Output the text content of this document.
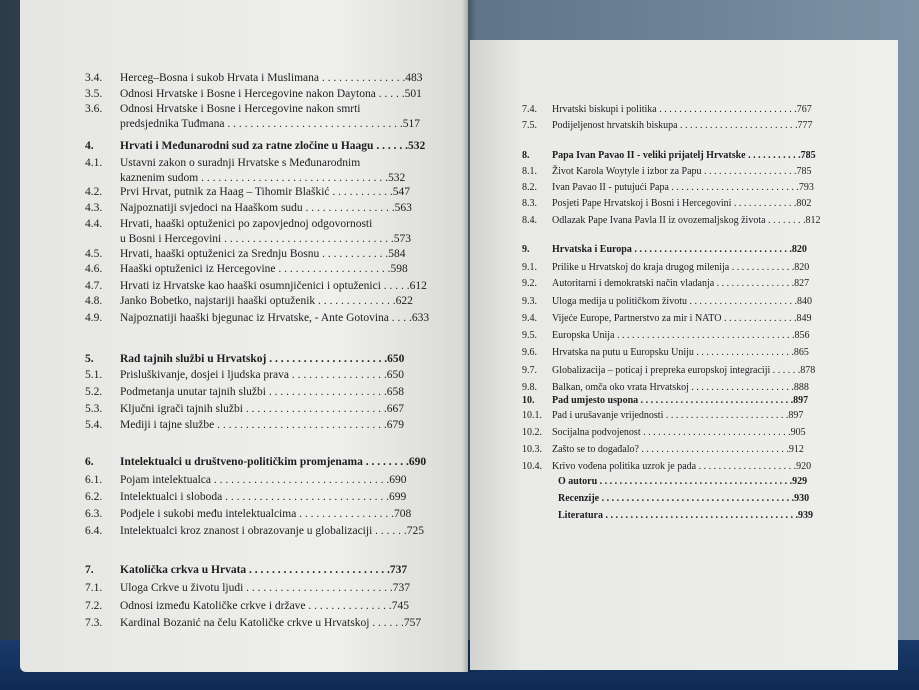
3.4. Herceg–Bosna i sukob Hrvata i Muslimana . . . . . . . . . . . . . . .483
3.5. Odnosi Hrvatske i Bosne i Hercegovine nakon Daytona . . . . .501
3.6. Odnosi Hrvatske i Bosne i Hercegovine nakon smrti
predsjednika Tuđmana . . . . . . . . . . . . . . . . . . . . . . . . . . . . . . .517
4. Hrvati i Međunarodni sud za ratne zločine u Haagu . . . . . .532
4.1. Ustavni zakon o suradnji Hrvatske s Međunarodnim
kaznenim sudom . . . . . . . . . . . . . . . . . . . . . . . . . . . . . . . . .532
4.2. Prvi Hrvat, putnik za Haag – Tihomir Blaškić . . . . . . . . . . .547
4.3. Najpoznatiji svjedoci na Haaškom sudu . . . . . . . . . . . . . . . .563
4.4. Hrvati, haaški optuženici po zapovjednoj odgovornosti
u Bosni i Hercegovini . . . . . . . . . . . . . . . . . . . . . . . . . . . . . .573
4.5. Hrvati, haaški optuženici za Srednju Bosnu . . . . . . . . . . . .584
4.6. Haaški optuženici iz Hercegovine . . . . . . . . . . . . . . . . . . . .598
4.7. Hrvati iz Hrvatske kao haaški osumnjičenici i optuženici . . . . .612
4.8. Janko Bobetko, najstariji haaški optuženik . . . . . . . . . . . . . .622
4.9. Najpoznatiji haaški bjegunac iz Hrvatske, - Ante Gotovina . . . .633
5. Rad tajnih službi u Hrvatskoj . . . . . . . . . . . . . . . . . . . . .650
5.1. Prisluškivanje, dosjei i ljudska prava . . . . . . . . . . . . . . . . .650
5.2. Podmetanja unutar tajnih službi . . . . . . . . . . . . . . . . . . . . .658
5.3. Ključni igrači tajnih službi . . . . . . . . . . . . . . . . . . . . . . . . .667
5.4. Mediji i tajne službe . . . . . . . . . . . . . . . . . . . . . . . . . . . . . .679
6. Intelektualci u društveno-političkim promjenama . . . . . . . .690
6.1. Pojam intelektualca . . . . . . . . . . . . . . . . . . . . . . . . . . . . . . .690
6.2. Intelektualci i sloboda . . . . . . . . . . . . . . . . . . . . . . . . . . . . .699
6.3. Podjele i sukobi među intelektualcima . . . . . . . . . . . . . . . . .708
6.4. Intelektualci kroz znanost i obrazovanje u globalizaciji . . . . . .725
7. Katolička crkva u Hrvata . . . . . . . . . . . . . . . . . . . . . . . . .737
7.1. Uloga Crkve u životu ljudi . . . . . . . . . . . . . . . . . . . . . . . . . .737
7.2. Odnosi između Katoličke crkve i države . . . . . . . . . . . . . . .745
7.3. Kardinal Bozanić na čelu Katoličke crkve u Hrvatskoj . . . . . .757
7.4. Hrvatski biskupi i politika . . . . . . . . . . . . . . . . . . . . . . . . . . . .767
7.5. Podijeljenost hrvatskih biskupa . . . . . . . . . . . . . . . . . . . . . . . .777
8. Papa Ivan Pavao II - veliki prijatelj Hrvatske . . . . . . . . . . .785
8.1. Život Karola Woytyle i izbor za Papu . . . . . . . . . . . . . . . . . . .785
8.2. Ivan Pavao II - putujući Papa . . . . . . . . . . . . . . . . . . . . . . . . . .793
8.3. Posjeti Pape Hrvatskoj i Bosni i Hercegovini . . . . . . . . . . . . .802
8.4. Odlazak Pape Ivana Pavla II iz ovozemaljskog života . . . . . . . .812
9. Hrvatska i Europa . . . . . . . . . . . . . . . . . . . . . . . . . . . . . . . .820
9.1. Prilike u Hrvatskoj do kraja drugog milenija . . . . . . . . . . . . .820
9.2. Autoritarni i demokratski način vladanja . . . . . . . . . . . . . . . .827
9.3. Uloga medija u političkom životu . . . . . . . . . . . . . . . . . . . . . .840
9.4. Vijeće Europe, Partnerstvo za mir i NATO . . . . . . . . . . . . . . .849
9.5. Europska Unija . . . . . . . . . . . . . . . . . . . . . . . . . . . . . . . . . . . .856
9.6. Hrvatska na putu u Europsku Uniju . . . . . . . . . . . . . . . . . . . .865
9.7. Globalizacija – poticaj i prepreka europskoj integraciji . . . . . .878
9.8. Balkan, omča oko vrata Hrvatskoj . . . . . . . . . . . . . . . . . . . . .888
10. Pad umjesto uspona . . . . . . . . . . . . . . . . . . . . . . . . . . . . . . .897
10.1. Pad i urušavanje vrijednosti . . . . . . . . . . . . . . . . . . . . . . . . .897
10.2. Socijalna podvojenost . . . . . . . . . . . . . . . . . . . . . . . . . . . . . .905
10.3. Zašto se to događalo? . . . . . . . . . . . . . . . . . . . . . . . . . . . . . .912
10.4. Krivo vođena politika uzrok je pada . . . . . . . . . . . . . . . . . . . .920
O autoru . . . . . . . . . . . . . . . . . . . . . . . . . . . . . . . . . . . . . . .929
Recenzije . . . . . . . . . . . . . . . . . . . . . . . . . . . . . . . . . . . . . . .930
Literatura . . . . . . . . . . . . . . . . . . . . . . . . . . . . . . . . . . . . . . .939
